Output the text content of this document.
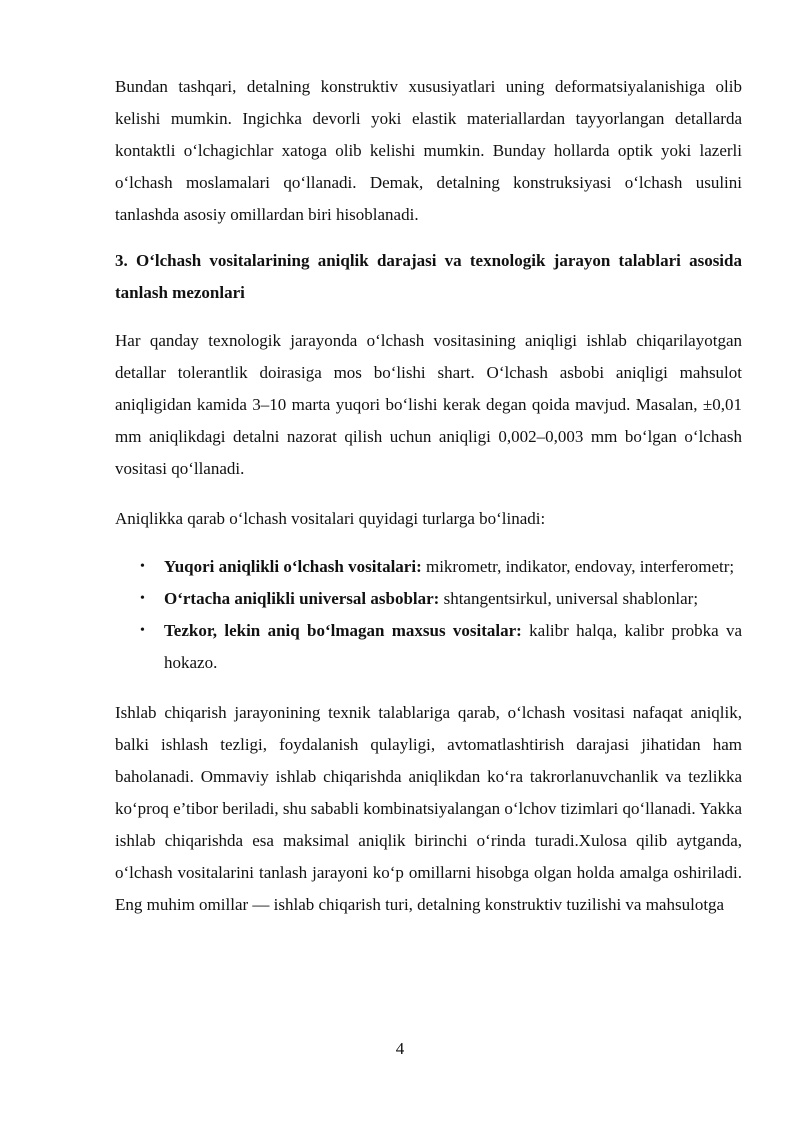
Bundan tashqari, detalning konstruktiv xususiyatlari uning deformatsiyalanishiga olib kelishi mumkin. Ingichka devorli yoki elastik materiallardan tayyorlangan detallarda kontaktli o‘lchagichlar xatoga olib kelishi mumkin. Bunday hollarda optik yoki lazerli o‘lchash moslamalari qo‘llanadi. Demak, detalning konstruksiyasi o‘lchash usulini tanlashda asosiy omillardan biri hisoblanadi.

3. O‘lchash vositalarining aniqlik darajasi va texnologik jarayon talablari asosida tanlash mezonlari

Har qanday texnologik jarayonda o‘lchash vositasining aniqligi ishlab chiqarilayotgan detallar tolerantlik doirasiga mos bo‘lishi shart. O‘lchash asbobi aniqligi mahsulot aniqligidan kamida 3–10 marta yuqori bo‘lishi kerak degan qoida mavjud. Masalan, ±0,01 mm aniqlikdagi detalni nazorat qilish uchun aniqligi 0,002–0,003 mm bo‘lgan o‘lchash vositasi qo‘llanadi.

Aniqlikka qarab o‘lchash vositalari quyidagi turlarga bo‘linadi:

• Yuqori aniqlikli o‘lchash vositalari: mikrometr, indikator, endovay, interferometr;
• O‘rtacha aniqlikli universal asboblar: shtangentsirkul, universal shablonlar;
• Tezkor, lekin aniq bo‘lmagan maxsus vositalar: kalibr halqa, kalibr probka va hokazo.

Ishlab chiqarish jarayonining texnik talablariga qarab, o‘lchash vositasi nafaqat aniqlik, balki ishlash tezligi, foydalanish qulayligi, avtomatlashtirish darajasi jihatidan ham baholanadi. Ommaviy ishlab chiqarishda aniqlikdan ko‘ra takrorlanuvchanlik va tezlikka ko‘proq e’tibor beriladi, shu sababli kombinatsiyalangan o‘lchov tizimlari qo‘llanadi. Yakka ishlab chiqarishda esa maksimal aniqlik birinchi o‘rinda turadi.Xulosa qilib aytganda, o‘lchash vositalarini tanlash jarayoni ko‘p omillarni hisobga olgan holda amalga oshiriladi. Eng muhim omillar — ishlab chiqarish turi, detalning konstruktiv tuzilishi va mahsulotga

4
